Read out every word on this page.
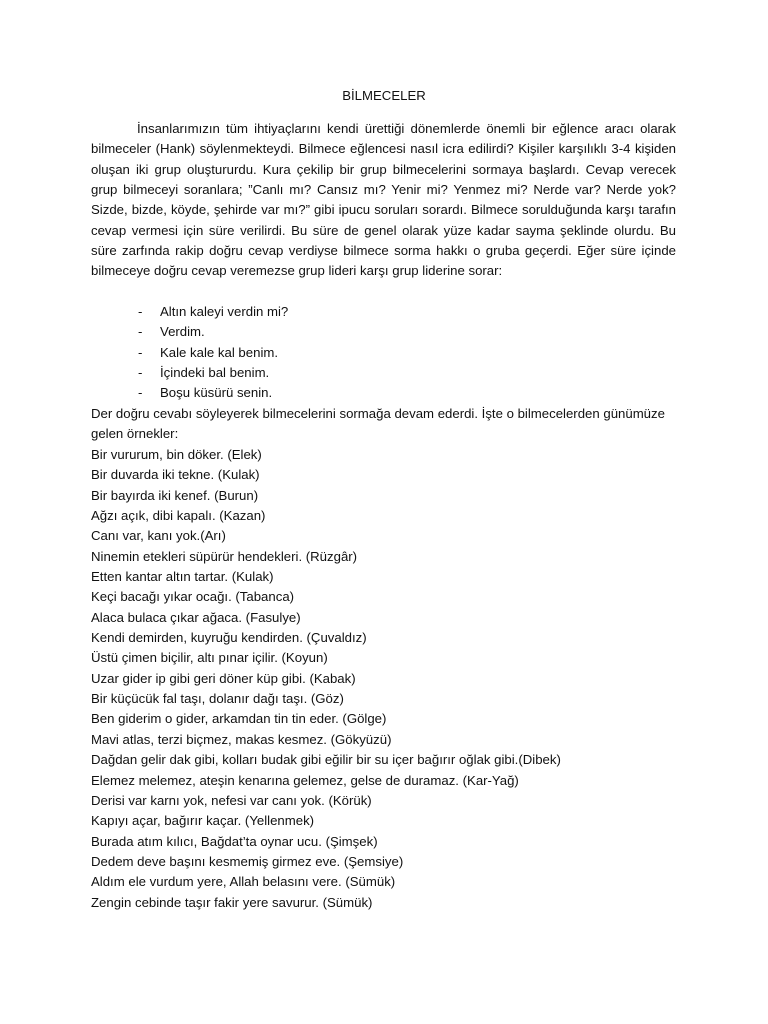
BİLMECELER

İnsanlarımızın tüm ihtiyaçlarını kendi ürettiği dönemlerde önemli bir eğlence aracı olarak bilmeceler (Hank) söylenmekteydi. Bilmece eğlencesi nasıl icra edilirdi? Kişiler karşılıklı 3-4 kişiden oluşan iki grup oluştururdu. Kura çekilip bir grup bilmecelerini sormaya başlardı. Cevap verecek grup bilmeceyi soranlara; ”Canlı mı? Cansız mı? Yenir mi? Yenmez mi? Nerde var? Nerde yok? Sizde, bizde, köyde, şehirde var mı?” gibi ipucu soruları sorardı. Bilmece sorulduğunda karşı tarafın cevap vermesi için süre verilirdi. Bu süre de genel olarak yüze kadar sayma şeklinde olurdu. Bu süre zarfında rakip doğru cevap verdiyse bilmece sorma hakkı o gruba geçerdi. Eğer süre içinde bilmeceye doğru cevap veremezse grup lideri karşı grup liderine sorar:

-	Altın kaleyi verdin mi?
-	Verdim.
-	Kale kale kal benim.
-	İçindeki bal benim.
-	Boşu küsürü senin.

Der doğru cevabı söyleyerek bilmecelerini sormağa devam ederdi. İşte o bilmecelerden günümüze gelen örnekler:

Bir vururum, bin döker. (Elek)
Bir duvarda iki tekne. (Kulak)
Bir bayırda iki kenef. (Burun)
Ağzı açık, dibi kapalı. (Kazan)
Canı var, kanı yok.(Arı)
Ninemin etekleri süpürür hendekleri. (Rüzgâr)
Etten kantar altın tartar. (Kulak)
Keçi bacağı yıkar ocağı. (Tabanca)
Alaca bulaca çıkar ağaca. (Fasulye)
Kendi demirden, kuyruğu kendirden. (Çuvaldız)
Üstü çimen biçilir, altı pınar içilir. (Koyun)
Uzar gider ip gibi geri döner küp gibi. (Kabak)
Bir küçücük fal taşı, dolanır dağı taşı. (Göz)
Ben giderim o gider, arkamdan tin tin eder. (Gölge)
Mavi atlas, terzi biçmez, makas kesmez. (Gökyüzü)
Dağdan gelir dak gibi, kolları budak gibi eğilir bir su içer bağırır oğlak gibi.(Dibek)
Elemez melemez, ateşin kenarına gelemez, gelse de duramaz. (Kar-Yağ)
Derisi var karnı yok, nefesi var canı yok. (Körük)
Kapıyı açar, bağırır kaçar. (Yellenmek)
Burada atım kılıcı, Bağdat’ta oynar ucu. (Şimşek)
Dedem deve başını kesmemiş girmez eve. (Şemsiye)
Aldım ele vurdum yere, Allah belasını vere. (Sümük)
Zengin cebinde taşır fakir yere savurur. (Sümük)
